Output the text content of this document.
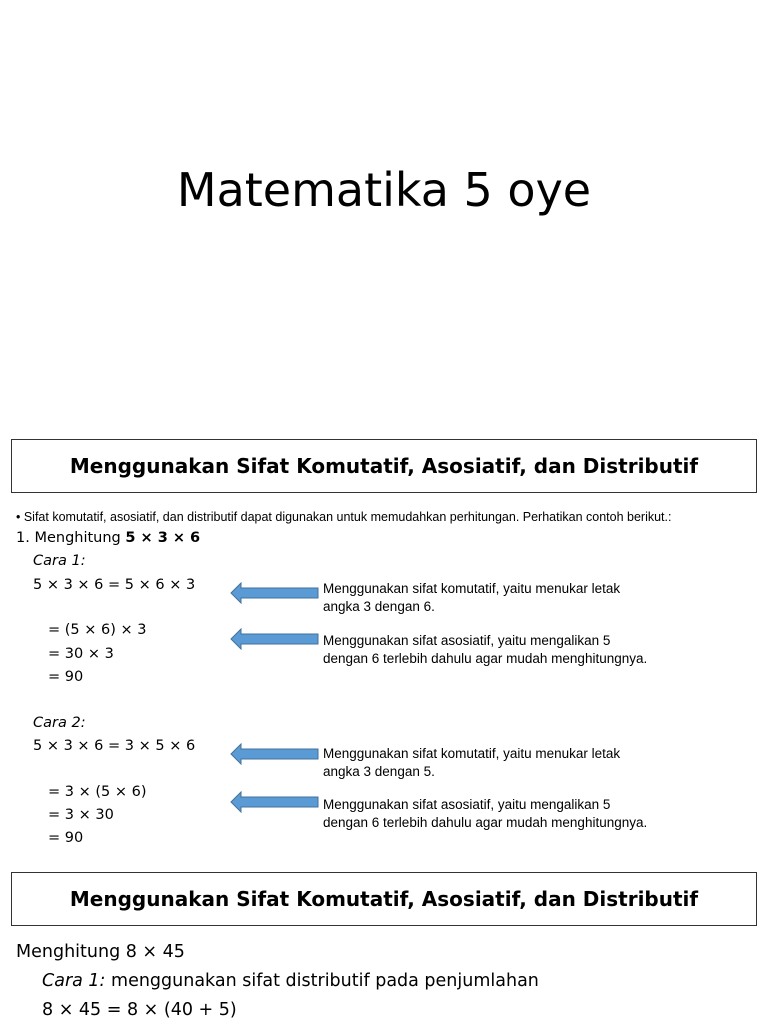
Matematika 5 oye
Menggunakan Sifat Komutatif, Asosiatif, dan Distributif
• Sifat komutatif, asosiatif, dan distributif dapat digunakan untuk memudahkan perhitungan. Perhatikan contoh berikut.:
1. Menghitung 5 × 3 × 6
Cara 1:
5 × 3 × 6 = 5 × 6 × 3
= (5 × 6) × 3
= 30 × 3
= 90
Menggunakan sifat komutatif, yaitu menukar letak
angka 3 dengan 6.
Menggunakan sifat asosiatif, yaitu mengalikan 5
dengan 6 terlebih dahulu agar mudah menghitungnya.
Cara 2:
5 × 3 × 6 = 3 × 5 × 6
= 3 × (5 × 6)
= 3 × 30
= 90
Menggunakan sifat komutatif, yaitu menukar letak
angka 3 dengan 5.
Menggunakan sifat asosiatif, yaitu mengalikan 5
dengan 6 terlebih dahulu agar mudah menghitungnya.
Menggunakan Sifat Komutatif, Asosiatif, dan Distributif
Menghitung 8 × 45
Cara 1: menggunakan sifat distributif pada penjumlahan
8 × 45 = 8 × (40 + 5)
